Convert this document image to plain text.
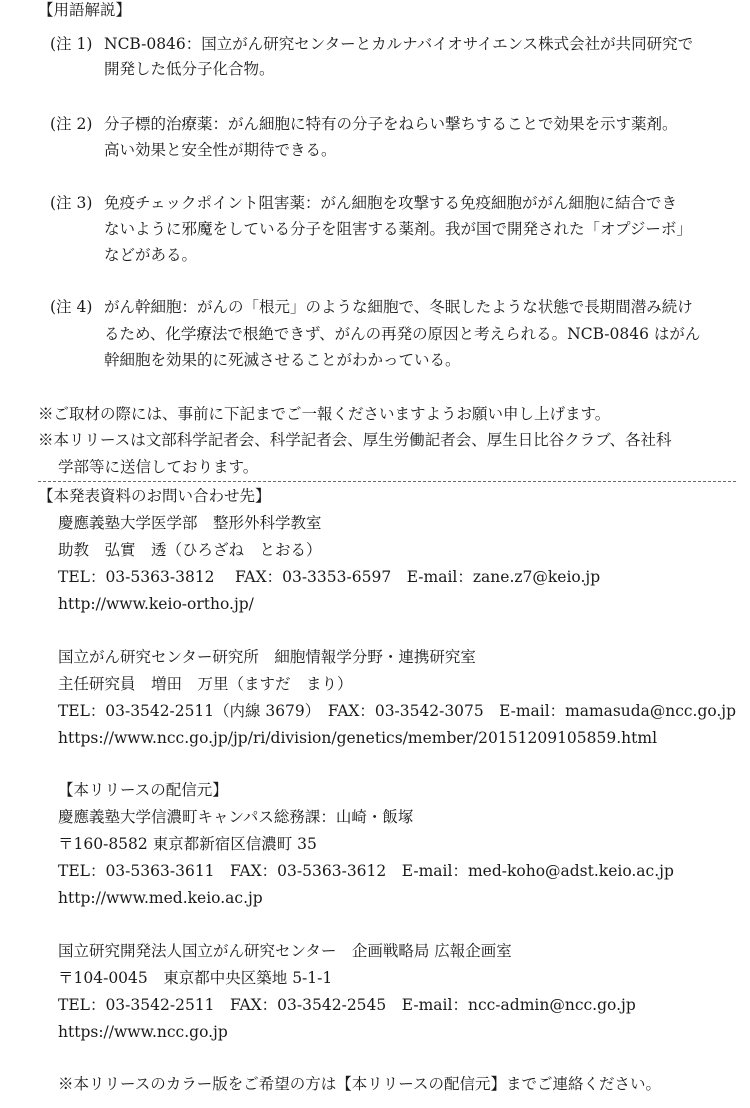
【用語解説】
(注 1) NCB-0846：国立がん研究センターとカルナバイオサイエンス株式会社が共同研究で
開発した低分子化合物。
(注 2) 分子標的治療薬：がん細胞に特有の分子をねらい撃ちすることで効果を示す薬剤。
高い効果と安全性が期待できる。
(注 3) 免疫チェックポイント阻害薬：がん細胞を攻撃する免疫細胞ががん細胞に結合でき
ないように邪魔をしている分子を阻害する薬剤。我が国で開発された「オプジーボ」
などがある。
(注 4) がん幹細胞：がんの「根元」のような細胞で、冬眠したような状態で長期間潜み続け
るため、化学療法で根絶できず、がんの再発の原因と考えられる。NCB-0846 はがん
幹細胞を効果的に死滅させることがわかっている。
※ご取材の際には、事前に下記までご一報くださいますようお願い申し上げます。
※本リリースは文部科学記者会、科学記者会、厚生労働記者会、厚生日比谷クラブ、各社科
学部等に送信しております。
【本発表資料のお問い合わせ先】
慶應義塾大学医学部　整形外科学教室
助教　弘實　透（ひろざね　とおる）
TEL：03-5363-3812　 FAX：03-3353-6597　E-mail：zane.z7@keio.jp
http://www.keio-ortho.jp/
国立がん研究センター研究所　細胞情報学分野・連携研究室
主任研究員　増田　万里（ますだ　まり）
TEL：03-3542-2511（内線 3679）　FAX：03-3542-3075　E-mail：mamasuda@ncc.go.jp
https://www.ncc.go.jp/jp/ri/division/genetics/member/20151209105859.html
【本リリースの配信元】
慶應義塾大学信濃町キャンパス総務課：山崎・飯塚
〒160-8582 東京都新宿区信濃町 35
TEL：03-5363-3611　FAX：03-5363-3612　E-mail：med-koho@adst.keio.ac.jp
http://www.med.keio.ac.jp
国立研究開発法人国立がん研究センター　企画戦略局 広報企画室
〒104-0045　東京都中央区築地 5-1-1
TEL：03-3542-2511　FAX：03-3542-2545　E-mail：ncc-admin@ncc.go.jp
https://www.ncc.go.jp
※本リリースのカラー版をご希望の方は【本リリースの配信元】までご連絡ください。
